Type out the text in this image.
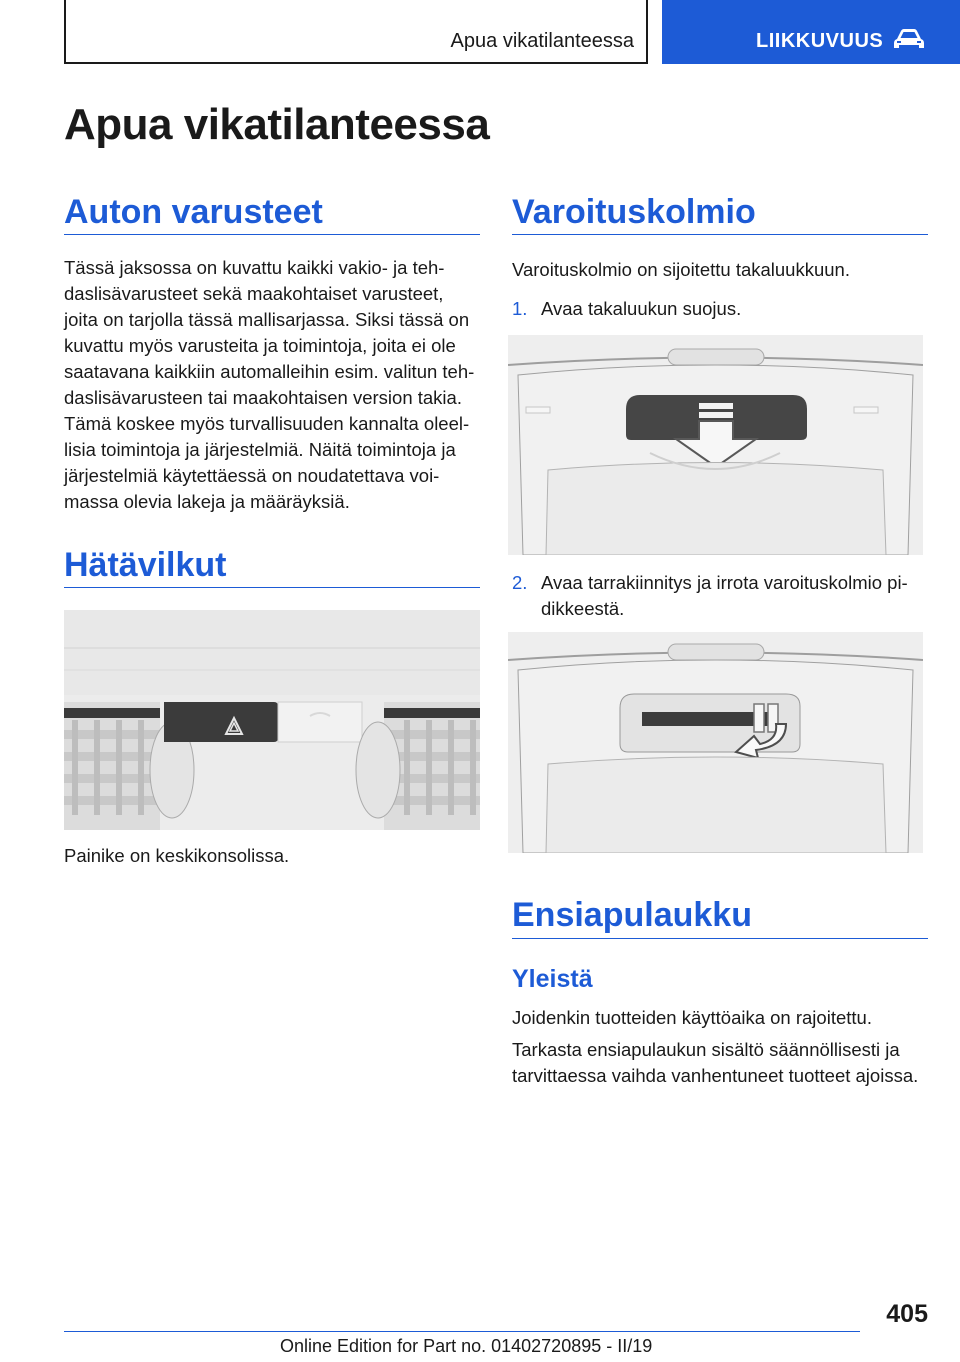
Apua vikatilanteessa	LIIKKUVUUS
Apua vikatilanteessa
Auton varusteet

Tässä jaksossa on kuvattu kaikki vakio- ja teh-daslisävarusteet sekä maakohtaiset varusteet, joita on tarjolla tässä mallisarjassa. Siksi tässä on kuvattu myös varusteita ja toimintoja, joita ei ole saatavana kaikkiin automalleihin esim. valitun teh-daslisävarusteen tai maakohtaisen version takia. Tämä koskee myös turvallisuuden kannalta oleel-lisia toimintoja ja järjestelmiä. Näitä toimintoja ja järjestelmiä käytettäessä on noudatettava voi-massa olevia lakeja ja määräyksiä.

Hätävilkut

Painike on keskikonsolissa.

Varoituskolmio

Varoituskolmio on sijoitettu takaluukkuun.

1. Avaa takaluukun suojus.
2. Avaa tarrakiinnitys ja irrota varoituskolmio pi-dikkeestä.
Ensiapulaukku
Yleistä

Joidenkin tuotteiden käyttöaika on rajoitettu.

Tarkasta ensiapulaukun sisältö säännöllisesti ja tarvittaessa vaihda vanhentuneet tuotteet ajoissa.

405
Online Edition for Part no. 01402720895 - II/19
